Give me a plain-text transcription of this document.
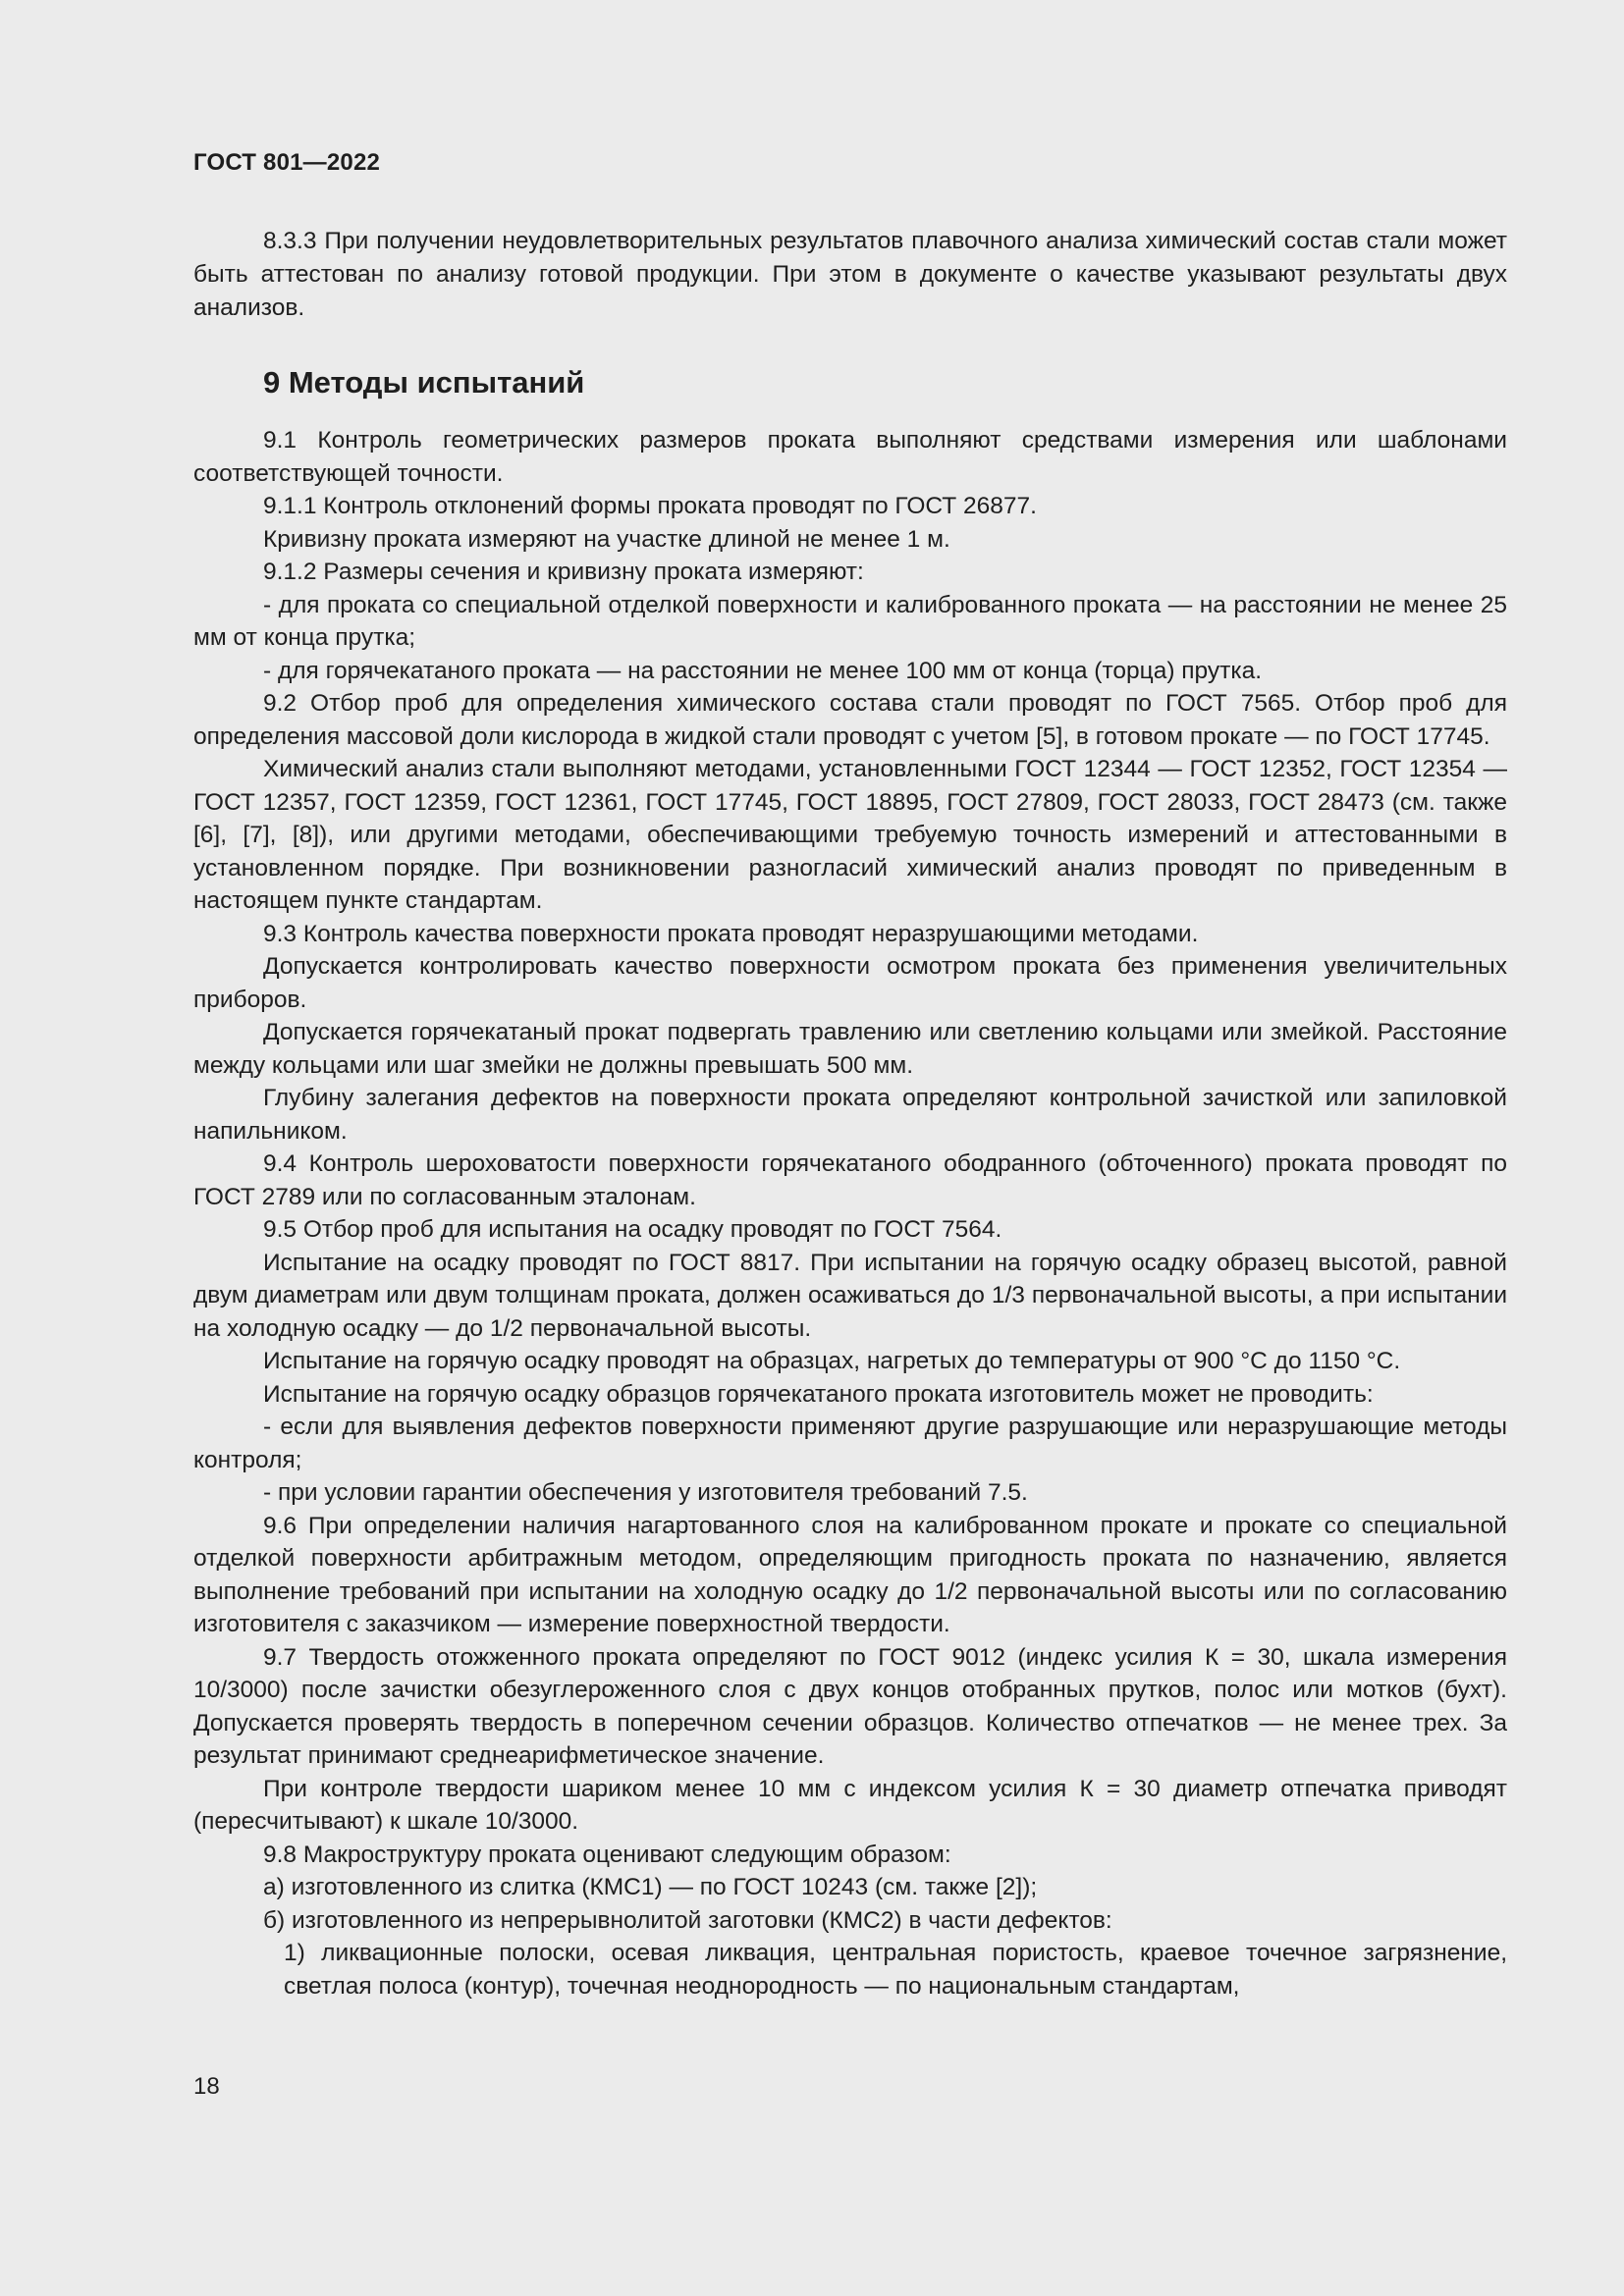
ГОСТ 801—2022

8.3.3 При получении неудовлетворительных результатов плавочного анализа химический состав стали может быть аттестован по анализу готовой продукции. При этом в документе о качестве указывают результаты двух анализов.

9 Методы испытаний

9.1 Контроль геометрических размеров проката выполняют средствами измерения или шаблонами соответствующей точности.

9.1.1 Контроль отклонений формы проката проводят по ГОСТ 26877.

Кривизну проката измеряют на участке длиной не менее 1 м.

9.1.2 Размеры сечения и кривизну проката измеряют:

- для проката со специальной отделкой поверхности и калиброванного проката — на расстоянии не менее 25 мм от конца прутка;

- для горячекатаного проката — на расстоянии не менее 100 мм от конца (торца) прутка.

9.2 Отбор проб для определения химического состава стали проводят по ГОСТ 7565. Отбор проб для определения массовой доли кислорода в жидкой стали проводят с учетом [5], в готовом прокате — по ГОСТ 17745.

Химический анализ стали выполняют методами, установленными ГОСТ 12344 — ГОСТ 12352, ГОСТ 12354 — ГОСТ 12357, ГОСТ 12359, ГОСТ 12361, ГОСТ 17745, ГОСТ 18895, ГОСТ 27809, ГОСТ 28033, ГОСТ 28473 (см. также [6], [7], [8]), или другими методами, обеспечивающими требуемую точность измерений и аттестованными в установленном порядке. При возникновении разногласий химический анализ проводят по приведенным в настоящем пункте стандартам.

9.3 Контроль качества поверхности проката проводят неразрушающими методами.

Допускается контролировать качество поверхности осмотром проката без применения увеличительных приборов.

Допускается горячекатаный прокат подвергать травлению или светлению кольцами или змейкой. Расстояние между кольцами или шаг змейки не должны превышать 500 мм.

Глубину залегания дефектов на поверхности проката определяют контрольной зачисткой или запиловкой напильником.

9.4 Контроль шероховатости поверхности горячекатаного ободранного (обточенного) проката проводят по ГОСТ 2789 или по согласованным эталонам.

9.5 Отбор проб для испытания на осадку проводят по ГОСТ 7564.

Испытание на осадку проводят по ГОСТ 8817. При испытании на горячую осадку образец высотой, равной двум диаметрам или двум толщинам проката, должен осаживаться до 1/3 первоначальной высоты, а при испытании на холодную осадку — до 1/2 первоначальной высоты.

Испытание на горячую осадку проводят на образцах, нагретых до температуры от 900 °C до 1150 °C.

Испытание на горячую осадку образцов горячекатаного проката изготовитель может не проводить:

- если для выявления дефектов поверхности применяют другие разрушающие или неразрушающие методы контроля;

- при условии гарантии обеспечения у изготовителя требований 7.5.

9.6 При определении наличия нагартованного слоя на калиброванном прокате и прокате со специальной отделкой поверхности арбитражным методом, определяющим пригодность проката по назначению, является выполнение требований при испытании на холодную осадку до 1/2 первоначальной высоты или по согласованию изготовителя с заказчиком — измерение поверхностной твердости.

9.7 Твердость отожженного проката определяют по ГОСТ 9012 (индекс усилия К = 30, шкала измерения 10/3000) после зачистки обезуглероженного слоя с двух концов отобранных прутков, полос или мотков (бухт). Допускается проверять твердость в поперечном сечении образцов. Количество отпечатков — не менее трех. За результат принимают среднеарифметическое значение.

При контроле твердости шариком менее 10 мм с индексом усилия К = 30 диаметр отпечатка приводят (пересчитывают) к шкале 10/3000.

9.8 Макроструктуру проката оценивают следующим образом:

а) изготовленного из слитка (КМС1) — по ГОСТ 10243 (см. также [2]);

б) изготовленного из непрерывнолитой заготовки (КМС2) в части дефектов:

1) ликвационные полоски, осевая ликвация, центральная пористость, краевое точечное загрязнение, светлая полоса (контур), точечная неоднородность — по национальным стандартам,

18
